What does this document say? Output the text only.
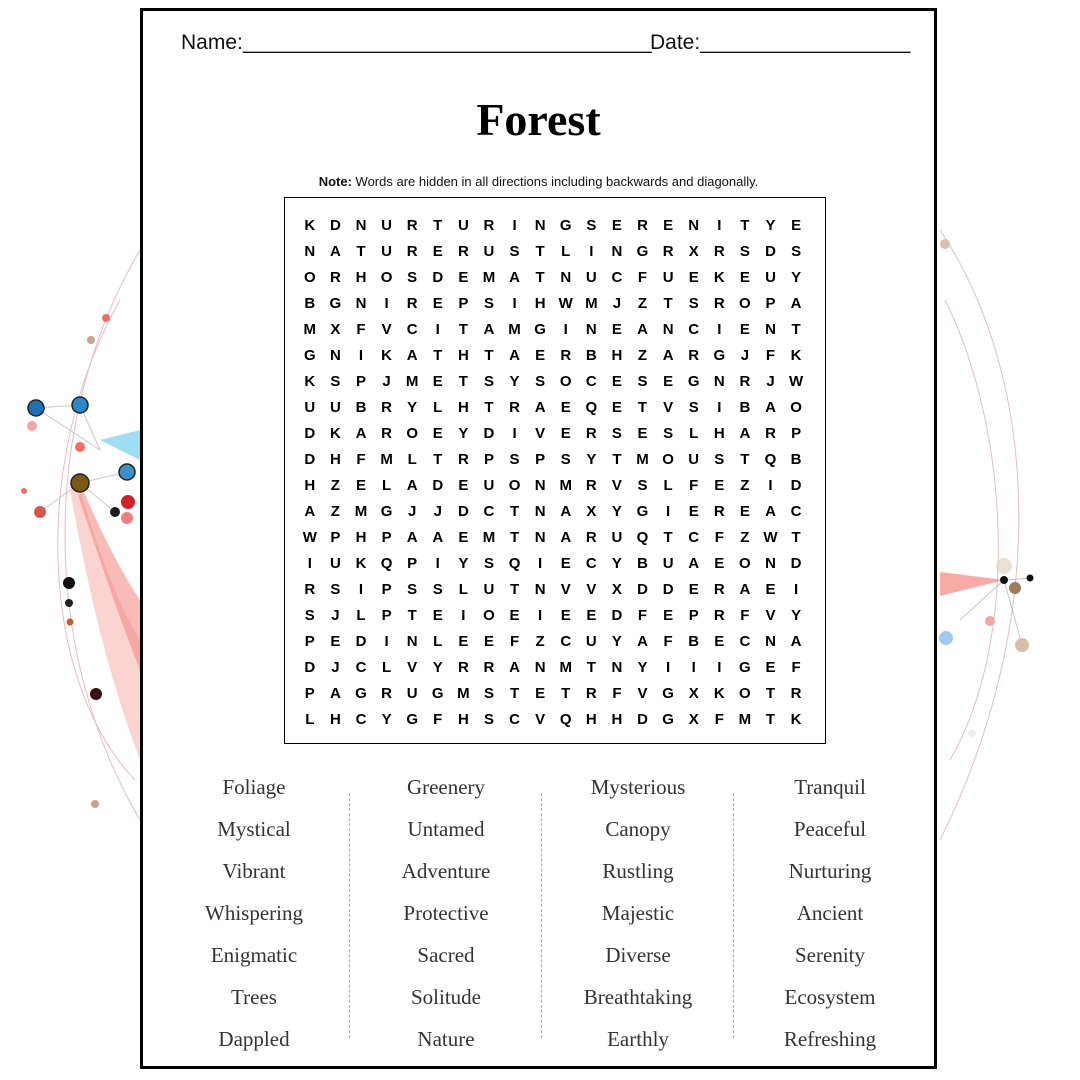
Name:___________________________________
Date:__________________
Forest
Note: Words are hidden in all directions including backwards and diagonally.
K D N U R	T	U R	I	N G S	E	R	E	N	I	T	Y	E
N A	T	U R	E	R U	S	T	L	I	N G R	X	R	S	D	S
O R H O S	D	E M A	T	N U C	F	U	E	K	E	U	Y
B G N	I	R	E	P	S	I	H W M	J	Z	T	S	R O P	A
M X	F	V	C	I	T	A M G	I	N	E	A N C	I	E	N	T
G N	I	K A	T	H	T	A	E	R B H	Z	A R G	J	F	K
K	S	P	J	M E	T	S	Y	S O C	E	S	E G N R	J W
U U B R	Y	L	H	T	R A	E Q E	T	V	S	I	B A O
D K A R O E	Y	D	I	V	E	R	S	E	S	L	H A R	P
D H	F M L	T	R	P	S	P	S	Y	T M O U	S	T	Q B
H	Z	E	L	A D	E	U O N M R	V	S	L	F	E	Z	I	D
A	Z M G	J	J	D C	T	N A	X	Y G	I	E	R	E	A C
W P	H	P	A A	E M T	N A R U Q	T	C	F	Z W T
I	U K Q P	I	Y	S Q	I	E	C	Y	B U A	E O N D
R	S	I	P	S	S	L	U	T	N	V	V	X	D D	E	R A	E	I
S	J	L	P	T	E	I	O E	I	E	E	D	F	E	P	R	F	V	Y
P	E	D	I	N	L	E	E	F	Z	C U	Y	A	F	B	E	C N A
D	J	C	L	V	Y	R R A N M T	N	Y	I	I	I	G E	F
P	A G R U G M S	T	E	T	R	F	V G X	K O	T	R
L	H C	Y G	F	H	S	C	V Q H H D G X	F M T	K
Foliage
Mystical
Vibrant
Whispering
Enigmatic
Trees
Dappled
Greenery
Untamed
Adventure
Protective
Sacred
Solitude
Nature
Mysterious
Canopy
Rustling
Majestic
Diverse
Breathtaking
Earthly
Tranquil
Peaceful
Nurturing
Ancient
Serenity
Ecosystem
Refreshing
